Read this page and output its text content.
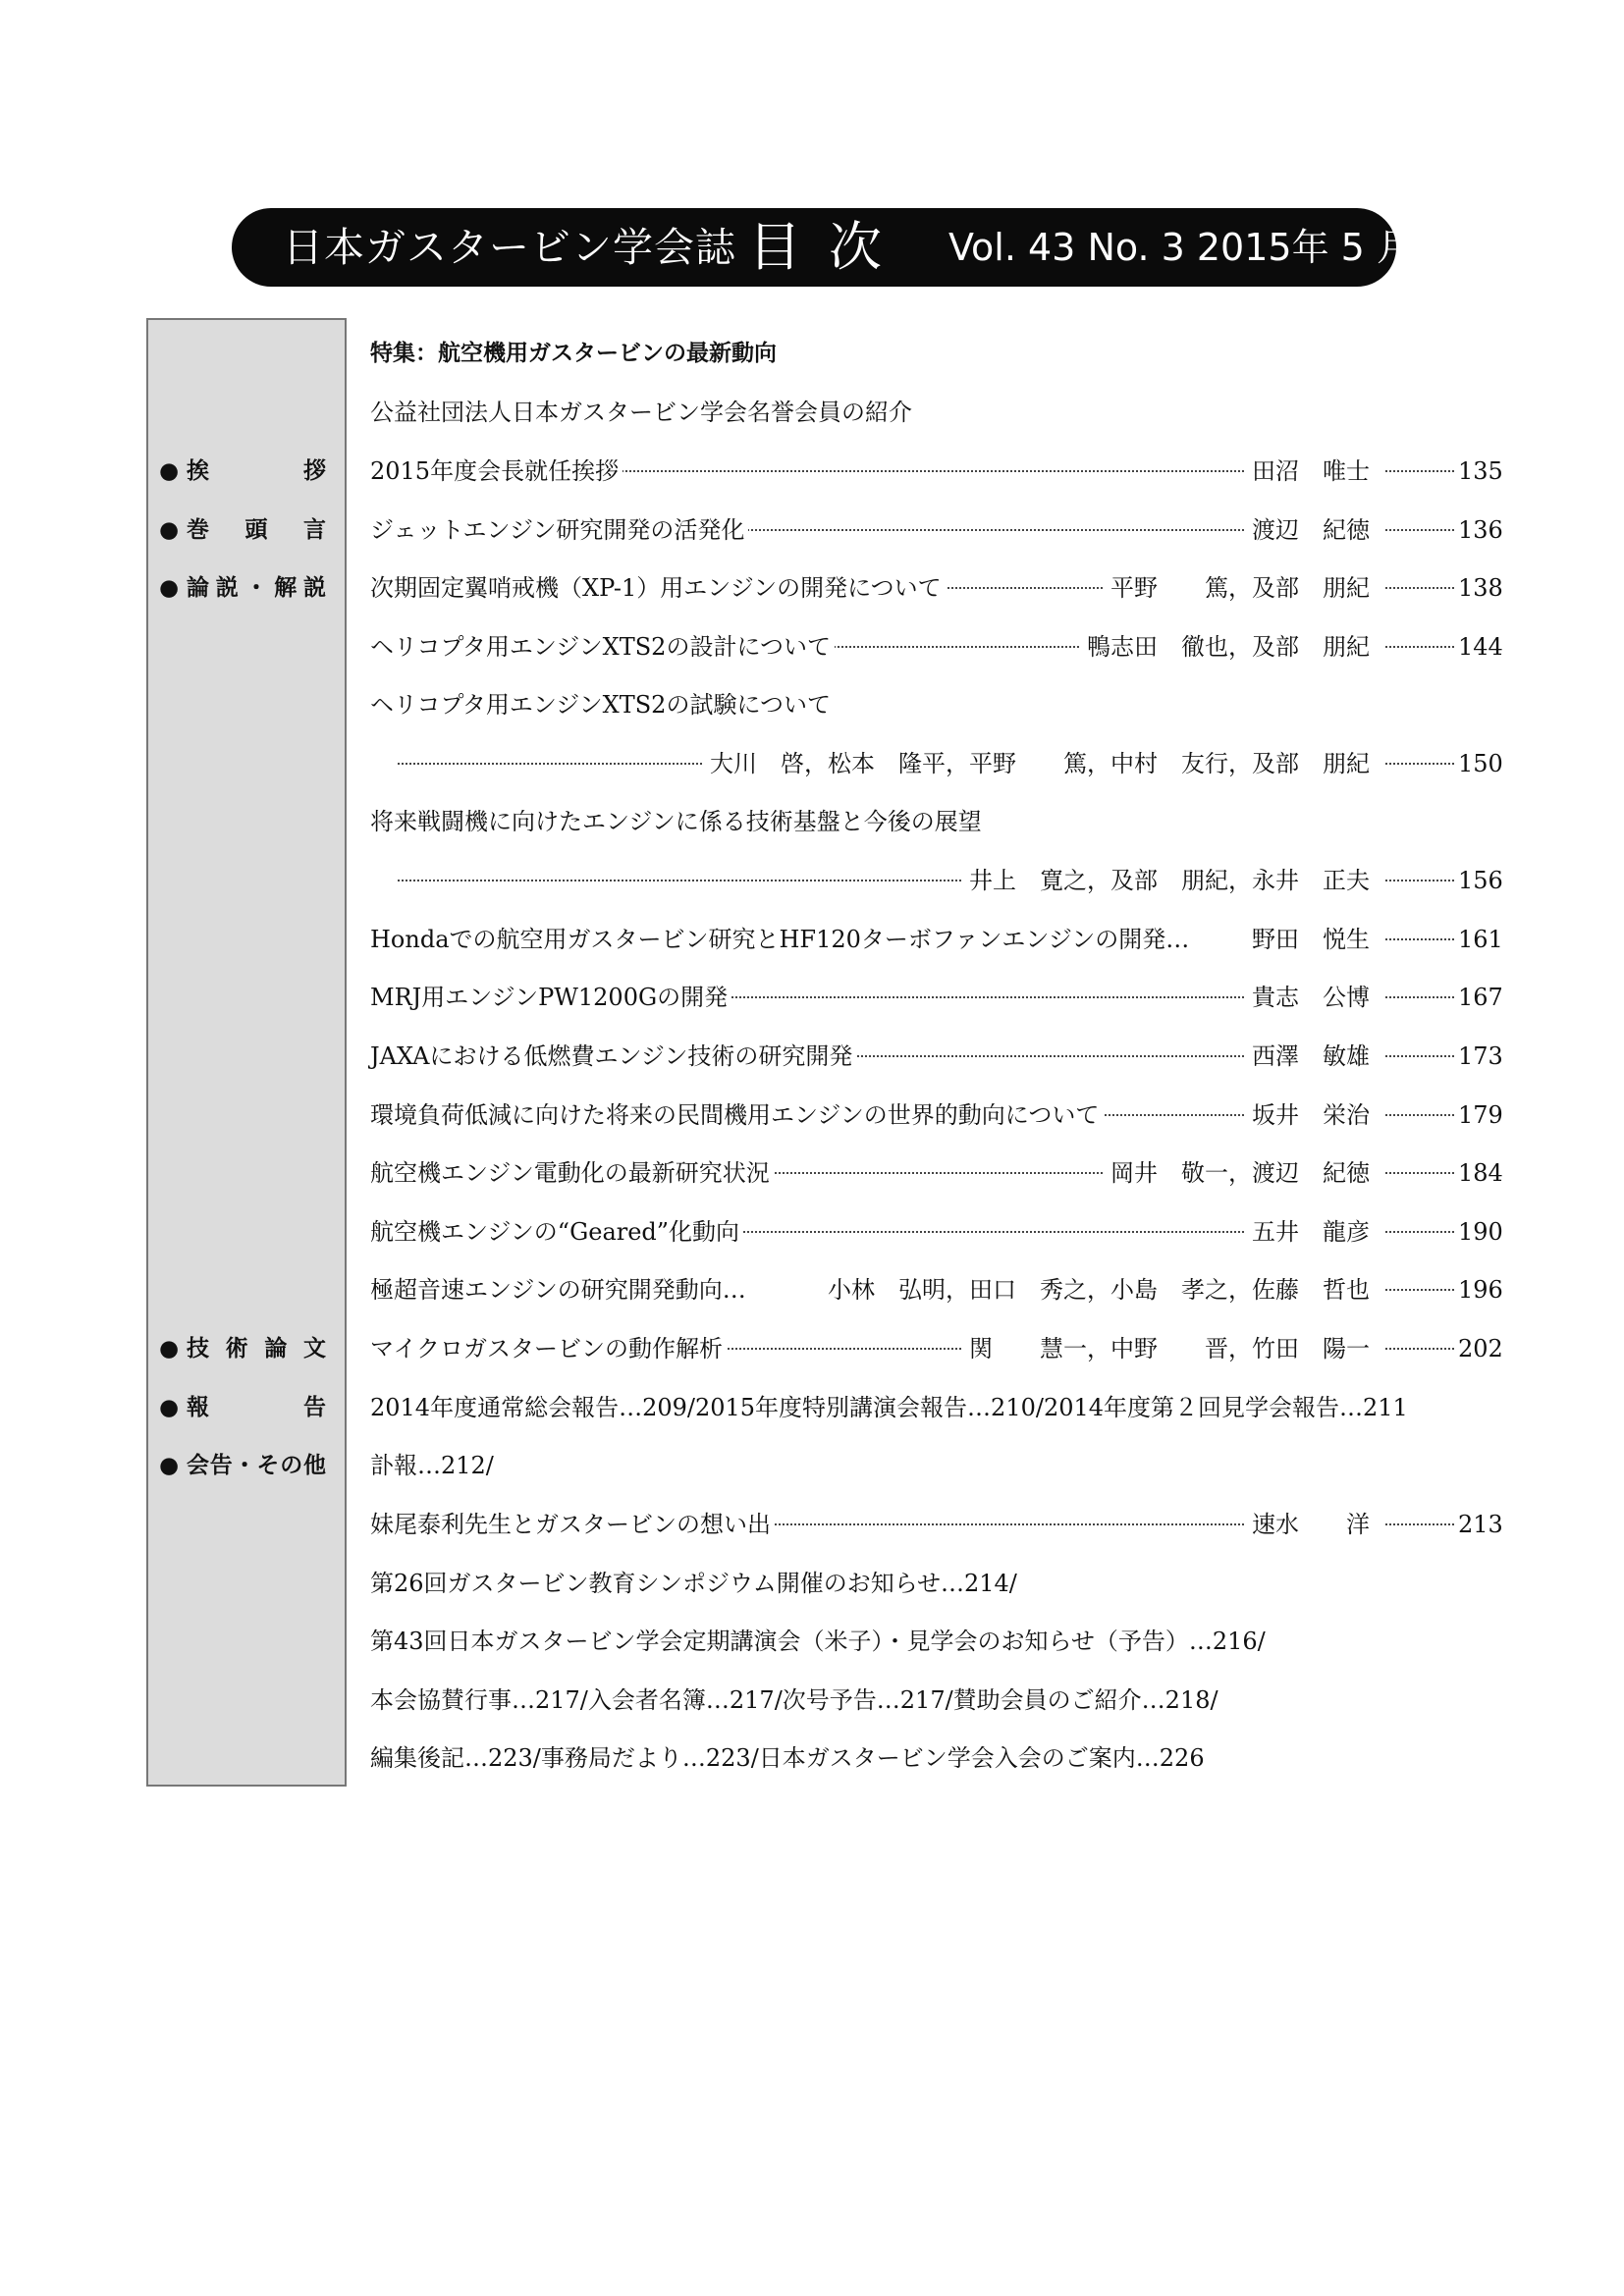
日本ガスタービン学会誌 目次 Vol. 43 No. 3 2015年 5 月
● 挨　　拶
● 巻 頭 言
● 論説・解説
● 技術論文
● 報　　告
● 会告・その他
特集：航空機用ガスタービンの最新動向
公益社団法人日本ガスタービン学会名誉会員の紹介
2015年度会長就任挨拶	田沼　唯士	135
ジェットエンジン研究開発の活発化	渡辺　紀徳	136
次期固定翼哨戒機（XP-1）用エンジンの開発について	平野　　篤，及部　朋紀	138
ヘリコプタ用エンジンXTS2の設計について	鴨志田　徹也，及部　朋紀	144
ヘリコプタ用エンジンXTS2の試験について
大川　啓，松本　隆平，平野　　篤，中村　友行，及部　朋紀	150
将来戦闘機に向けたエンジンに係る技術基盤と今後の展望
井上　寛之，及部　朋紀，永井　正夫	156
Hondaでの航空用ガスタービン研究とHF120ターボファンエンジンの開発…	野田　悦生	161
MRJ用エンジンPW1200Gの開発	貴志　公博	167
JAXAにおける低燃費エンジン技術の研究開発	西澤　敏雄	173
環境負荷低減に向けた将来の民間機用エンジンの世界的動向について	坂井　栄治	179
航空機エンジン電動化の最新研究状況	岡井　敬一，渡辺　紀徳	184
航空機エンジンの“Geared”化動向	五井　龍彦	190
極超音速エンジンの研究開発動向…	小林　弘明，田口　秀之，小島　孝之，佐藤　哲也	196
マイクロガスタービンの動作解析	関　　慧一，中野　　晋，竹田　陽一	202
2014年度通常総会報告…209/2015年度特別講演会報告…210/2014年度第２回見学会報告…211
訃報…212/
妹尾泰利先生とガスタービンの想い出	速水　　洋	213
第26回ガスタービン教育シンポジウム開催のお知らせ…214/
第43回日本ガスタービン学会定期講演会（米子）・見学会のお知らせ（予告）…216/
本会協賛行事…217/入会者名簿…217/次号予告…217/賛助会員のご紹介…218/
編集後記…223/事務局だより…223/日本ガスタービン学会入会のご案内…226
